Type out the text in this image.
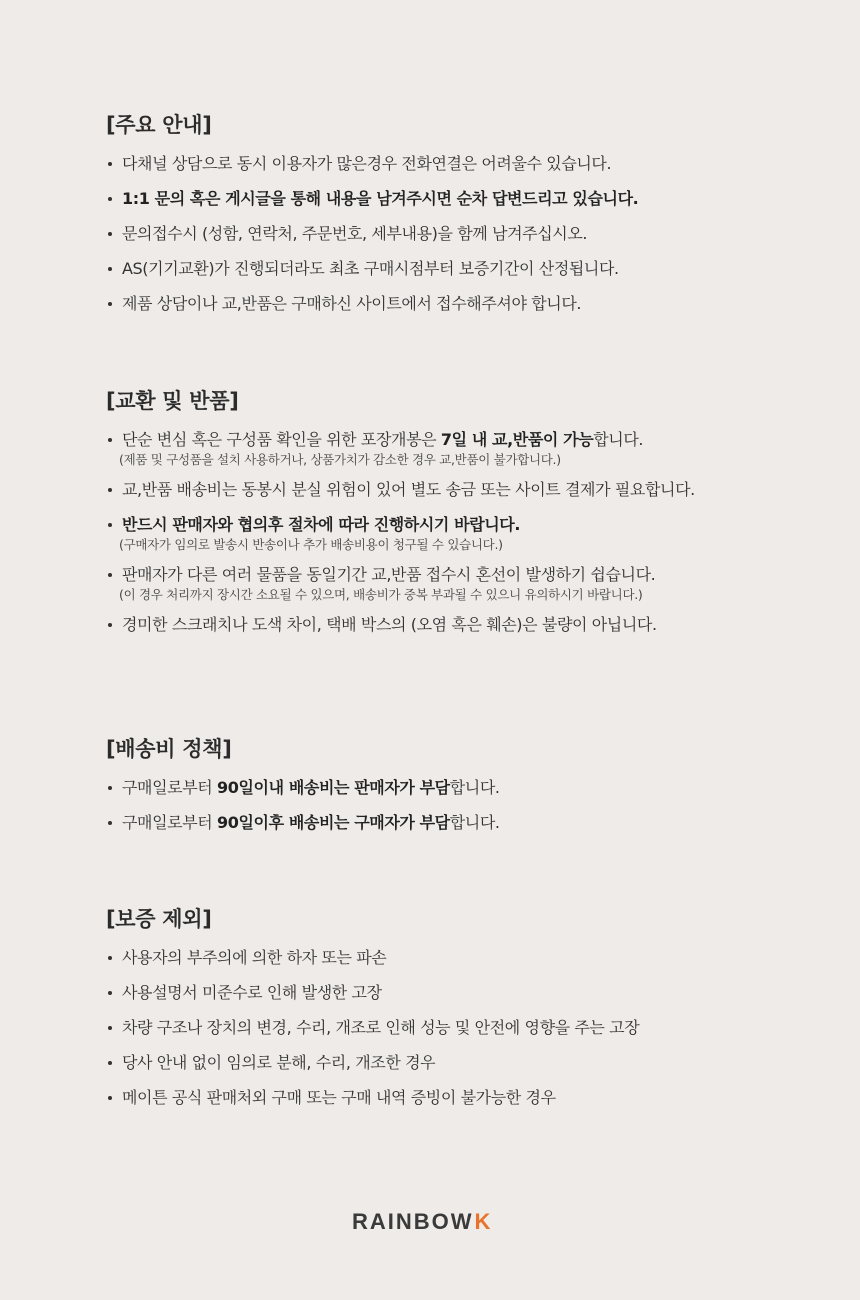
[주요 안내]
다채널 상담으로 동시 이용자가 많은경우 전화연결은 어려울수 있습니다.
1:1 문의 혹은 게시글을 통해 내용을 남겨주시면 순차 답변드리고 있습니다.
문의접수시 (성함, 연락처, 주문번호, 세부내용)을 함께 남겨주십시오.
AS(기기교환)가 진행되더라도 최초 구매시점부터 보증기간이 산정됩니다.
제품 상담이나 교,반품은 구매하신 사이트에서 접수해주셔야 합니다.
[교환 및 반품]
단순 변심 혹은 구성품 확인을 위한 포장개봉은 7일 내 교,반품이 가능합니다.
(제품 및 구성품을 설치 사용하거나, 상품가치가 감소한 경우 교,반품이 불가합니다.)
교,반품 배송비는 동봉시 분실 위험이 있어 별도 송금 또는 사이트 결제가 필요합니다.
반드시 판매자와 협의후 절차에 따라 진행하시기 바랍니다.
(구매자가 임의로 발송시 반송이나 추가 배송비용이 청구될 수 있습니다.)
판매자가 다른 여러 물품을 동일기간 교,반품 접수시 혼선이 발생하기 쉽습니다.
(이 경우 처리까지 장시간 소요될 수 있으며, 배송비가 중복 부과될 수 있으니 유의하시기 바랍니다.)
경미한 스크래치나 도색 차이, 택배 박스의 (오염 혹은 훼손)은 불량이 아닙니다.
[배송비 정책]
구매일로부터 90일이내 배송비는 판매자가 부담합니다.
구매일로부터 90일이후 배송비는 구매자가 부담합니다.
[보증 제외]
사용자의 부주의에 의한 하자 또는 파손
사용설명서 미준수로 인해 발생한 고장
차량 구조나 장치의 변경, 수리, 개조로 인해 성능 및 안전에 영향을 주는 고장
당사 안내 없이 임의로 분해, 수리, 개조한 경우
메이튼 공식 판매처외 구매 또는 구매 내역 증빙이 불가능한 경우
RAINBOW K
